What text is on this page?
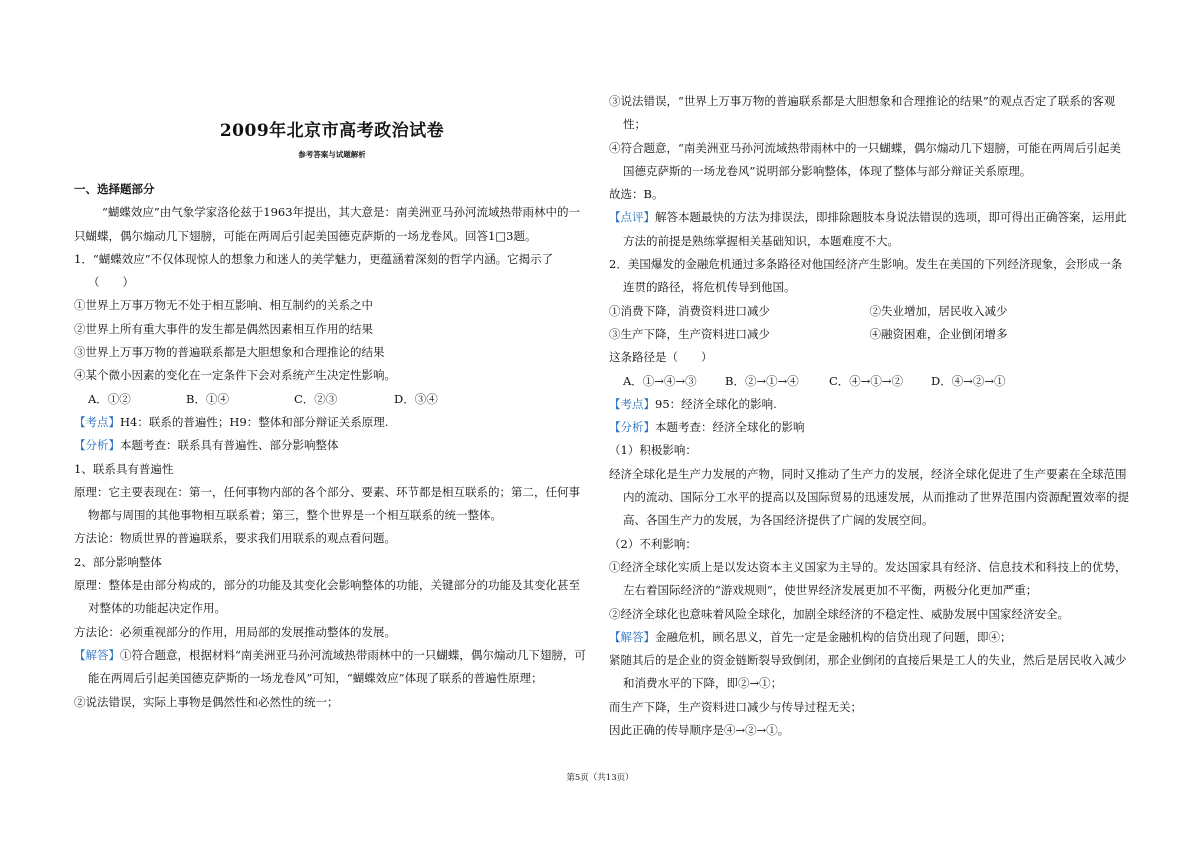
2009年北京市高考政治试卷
参考答案与试题解析
一、选择题部分

“蝴蝶效应”由气象学家洛伦兹于1963年提出，其大意是：南美洲亚马孙河流域热带雨林中的一只蝴蝶，偶尔煽动几下翅膀，可能在两周后引起美国德克萨斯的一场龙卷风。回答1□3题。

1．“蝴蝶效应”不仅体现惊人的想象力和迷人的美学魅力，更蕴涵着深刻的哲学内涵。它揭示了（　　）

①世界上万事万物无不处于相互影响、相互制约的关系之中

②世界上所有重大事件的发生都是偶然因素相互作用的结果

③世界上万事万物的普遍联系都是大胆想象和合理推论的结果

④某个微小因素的变化在一定条件下会对系统产生决定性影响。

A．①②	B．①④	C．②③	D．③④

【考点】H4：联系的普遍性；H9：整体和部分辩证关系原理.

【分析】本题考查：联系具有普遍性、部分影响整体

1、联系具有普遍性

原理：它主要表现在：第一，任何事物内部的各个部分、要素、环节都是相互联系的；第二，任何事物都与周围的其他事物相互联系着；第三，整个世界是一个相互联系的统一整体。

方法论：物质世界的普遍联系，要求我们用联系的观点看问题。

2、部分影响整体

原理：整体是由部分构成的，部分的功能及其变化会影响整体的功能，关键部分的功能及其变化甚至对整体的功能起决定作用。

方法论：必须重视部分的作用，用局部的发展推动整体的发展。

【解答】①符合题意，根据材料“南美洲亚马孙河流域热带雨林中的一只蝴蝶，偶尔煽动几下翅膀，可能在两周后引起美国德克萨斯的一场龙卷风”可知，“蝴蝶效应”体现了联系的普遍性原理；

②说法错误，实际上事物是偶然性和必然性的统一；

③说法错误，“世界上万事万物的普遍联系都是大胆想象和合理推论的结果”的观点否定了联系的客观性；

④符合题意，“南美洲亚马孙河流域热带雨林中的一只蝴蝶，偶尔煽动几下翅膀，可能在两周后引起美国德克萨斯的一场龙卷风”说明部分影响整体，体现了整体与部分辩证关系原理。

故选：B。

【点评】解答本题最快的方法为排误法，即排除题肢本身说法错误的选项，即可得出正确答案，运用此方法的前提是熟练掌握相关基础知识，本题难度不大。

2．美国爆发的金融危机通过多条路径对他国经济产生影响。发生在美国的下列经济现象，会形成一条连贯的路径，将危机传导到他国。

①消费下降，消费资料进口减少	②失业增加，居民收入减少
③生产下降，生产资料进口减少	④融资困难，企业倒闭增多

这条路径是（　　）

A．①→④→③	B．②→①→④	C．④→①→②	D．④→②→①

【考点】95：经济全球化的影响.

【分析】本题考查：经济全球化的影响

（1）积极影响：

经济全球化是生产力发展的产物，同时又推动了生产力的发展，经济全球化促进了生产要素在全球范围内的流动、国际分工水平的提高以及国际贸易的迅速发展，从而推动了世界范围内资源配置效率的提高、各国生产力的发展，为各国经济提供了广阔的发展空间。

（2）不利影响：

①经济全球化实质上是以发达资本主义国家为主导的。发达国家具有经济、信息技术和科技上的优势，左右着国际经济的“游戏规则”，使世界经济发展更加不平衡，两极分化更加严重；

②经济全球化也意味着风险全球化，加剧全球经济的不稳定性、威胁发展中国家经济安全。

【解答】金融危机，顾名思义，首先一定是金融机构的信贷出现了问题，即④；

紧随其后的是企业的资金链断裂导致倒闭，那企业倒闭的直接后果是工人的失业，然后是居民收入减少和消费水平的下降，即②→①；

而生产下降，生产资料进口减少与传导过程无关；

因此正确的传导顺序是④→②→①。

第5页（共13页）
